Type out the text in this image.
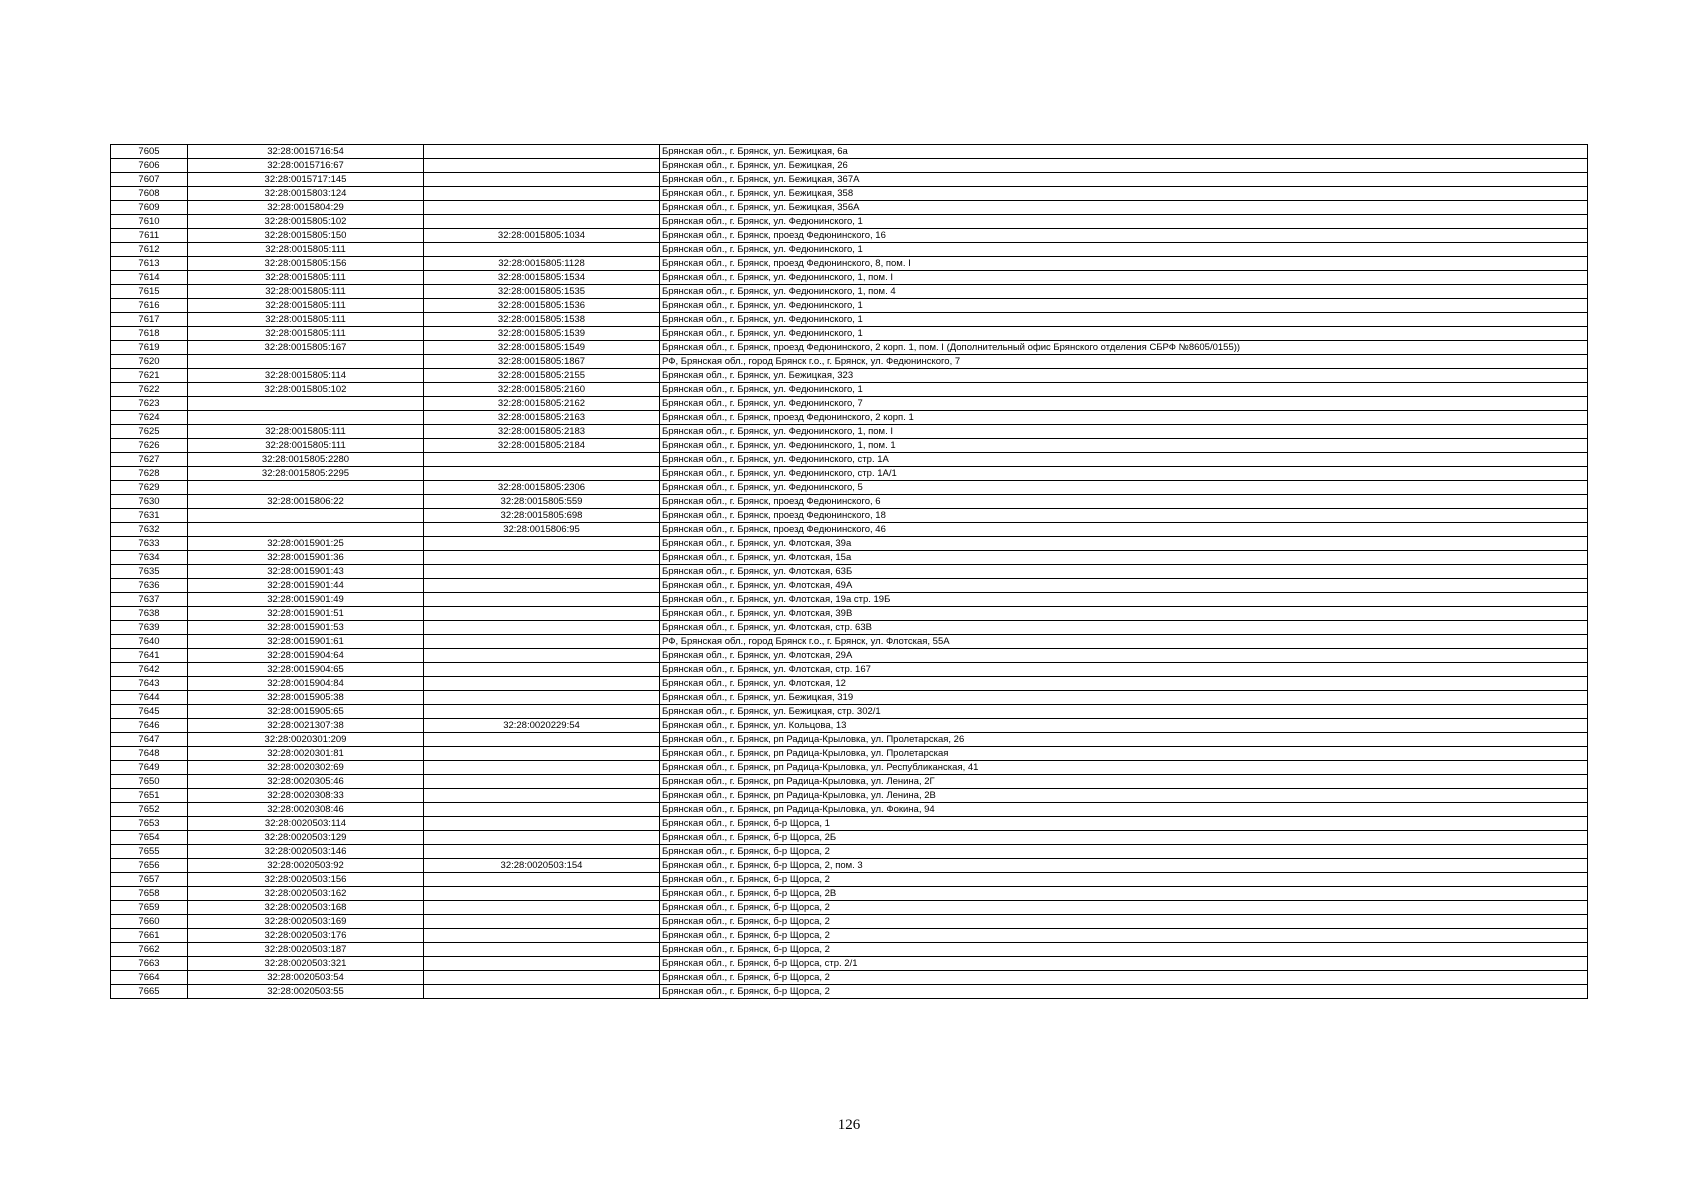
7605	32:28:0015716:54		Брянская обл., г. Брянск, ул. Бежицкая, 6а
7606	32:28:0015716:67		Брянская обл., г. Брянск, ул. Бежицкая, 26
7607	32:28:0015717:145		Брянская обл., г. Брянск, ул. Бежицкая, 367А
7608	32:28:0015803:124		Брянская обл., г. Брянск, ул. Бежицкая, 358
7609	32:28:0015804:29		Брянская обл., г. Брянск, ул. Бежицкая, 356А
7610	32:28:0015805:102		Брянская обл., г. Брянск, ул. Федюнинского, 1
7611	32:28:0015805:150	32:28:0015805:1034	Брянская обл., г. Брянск, проезд Федюнинского, 16
7612	32:28:0015805:111		Брянская обл., г. Брянск, ул. Федюнинского, 1
7613	32:28:0015805:156	32:28:0015805:1128	Брянская обл., г. Брянск, проезд Федюнинского, 8, пом. I
7614	32:28:0015805:111	32:28:0015805:1534	Брянская обл., г. Брянск, ул. Федюнинского, 1, пом. I
7615	32:28:0015805:111	32:28:0015805:1535	Брянская обл., г. Брянск, ул. Федюнинского, 1, пом. 4
7616	32:28:0015805:111	32:28:0015805:1536	Брянская обл., г. Брянск, ул. Федюнинского, 1
7617	32:28:0015805:111	32:28:0015805:1538	Брянская обл., г. Брянск, ул. Федюнинского, 1
7618	32:28:0015805:111	32:28:0015805:1539	Брянская обл., г. Брянск, ул. Федюнинского, 1
7619	32:28:0015805:167	32:28:0015805:1549	Брянская обл., г. Брянск, проезд Федюнинского, 2 корп. 1, пом. I (Дополнительный офис Брянского отделения СБРФ №8605/0155))
7620		32:28:0015805:1867	РФ, Брянская обл., город Брянск г.о., г. Брянск, ул. Федюнинского, 7
7621	32:28:0015805:114	32:28:0015805:2155	Брянская обл., г. Брянск, ул. Бежицкая, 323
7622	32:28:0015805:102	32:28:0015805:2160	Брянская обл., г. Брянск, ул. Федюнинского, 1
7623		32:28:0015805:2162	Брянская обл., г. Брянск, ул. Федюнинского, 7
7624		32:28:0015805:2163	Брянская обл., г. Брянск, проезд Федюнинского, 2 корп. 1
7625	32:28:0015805:111	32:28:0015805:2183	Брянская обл., г. Брянск, ул. Федюнинского, 1, пом. I
7626	32:28:0015805:111	32:28:0015805:2184	Брянская обл., г. Брянск, ул. Федюнинского, 1, пом. 1
7627	32:28:0015805:2280		Брянская обл., г. Брянск, ул. Федюнинского, стр. 1А
7628	32:28:0015805:2295		Брянская обл., г. Брянск, ул. Федюнинского, стр. 1А/1
7629		32:28:0015805:2306	Брянская обл., г. Брянск, ул. Федюнинского, 5
7630	32:28:0015806:22	32:28:0015805:559	Брянская обл., г. Брянск, проезд Федюнинского, 6
7631		32:28:0015805:698	Брянская обл., г. Брянск, проезд Федюнинского, 18
7632		32:28:0015806:95	Брянская обл., г. Брянск, проезд Федюнинского, 46
7633	32:28:0015901:25		Брянская обл., г. Брянск, ул. Флотская, 39а
7634	32:28:0015901:36		Брянская обл., г. Брянск, ул. Флотская, 15а
7635	32:28:0015901:43		Брянская обл., г. Брянск, ул. Флотская, 63Б
7636	32:28:0015901:44		Брянская обл., г. Брянск, ул. Флотская, 49А
7637	32:28:0015901:49		Брянская обл., г. Брянск, ул. Флотская, 19а стр. 19Б
7638	32:28:0015901:51		Брянская обл., г. Брянск, ул. Флотская, 39В
7639	32:28:0015901:53		Брянская обл., г. Брянск, ул. Флотская, стр. 63В
7640	32:28:0015901:61		РФ, Брянская обл., город Брянск г.о., г. Брянск, ул. Флотская, 55А
7641	32:28:0015904:64		Брянская обл., г. Брянск, ул. Флотская, 29А
7642	32:28:0015904:65		Брянская обл., г. Брянск, ул. Флотская, стр. 167
7643	32:28:0015904:84		Брянская обл., г. Брянск, ул. Флотская, 12
7644	32:28:0015905:38		Брянская обл., г. Брянск, ул. Бежицкая, 319
7645	32:28:0015905:65		Брянская обл., г. Брянск, ул. Бежицкая, стр. 302/1
7646	32:28:0021307:38	32:28:0020229:54	Брянская обл., г. Брянск, ул. Кольцова, 13
7647	32:28:0020301:209		Брянская обл., г. Брянск, рп Радица-Крыловка, ул. Пролетарская, 26
7648	32:28:0020301:81		Брянская обл., г. Брянск, рп Радица-Крыловка, ул. Пролетарская
7649	32:28:0020302:69		Брянская обл., г. Брянск, рп Радица-Крыловка, ул. Республиканская, 41
7650	32:28:0020305:46		Брянская обл., г. Брянск, рп Радица-Крыловка, ул. Ленина, 2Г
7651	32:28:0020308:33		Брянская обл., г. Брянск, рп Радица-Крыловка, ул. Ленина, 2В
7652	32:28:0020308:46		Брянская обл., г. Брянск, рп Радица-Крыловка, ул. Фокина, 94
7653	32:28:0020503:114		Брянская обл., г. Брянск, б-р Щорса, 1
7654	32:28:0020503:129		Брянская обл., г. Брянск, б-р Щорса, 2Б
7655	32:28:0020503:146		Брянская обл., г. Брянск, б-р Щорса, 2
7656	32:28:0020503:92	32:28:0020503:154	Брянская обл., г. Брянск, б-р Щорса, 2, пом. 3
7657	32:28:0020503:156		Брянская обл., г. Брянск, б-р Щорса, 2
7658	32:28:0020503:162		Брянская обл., г. Брянск, б-р Щорса, 2В
7659	32:28:0020503:168		Брянская обл., г. Брянск, б-р Щорса, 2
7660	32:28:0020503:169		Брянская обл., г. Брянск, б-р Щорса, 2
7661	32:28:0020503:176		Брянская обл., г. Брянск, б-р Щорса, 2
7662	32:28:0020503:187		Брянская обл., г. Брянск, б-р Щорса, 2
7663	32:28:0020503:321		Брянская обл., г. Брянск, б-р Щорса, стр. 2/1
7664	32:28:0020503:54		Брянская обл., г. Брянск, б-р Щорса, 2
7665	32:28:0020503:55		Брянская обл., г. Брянск, б-р Щорса, 2
126
